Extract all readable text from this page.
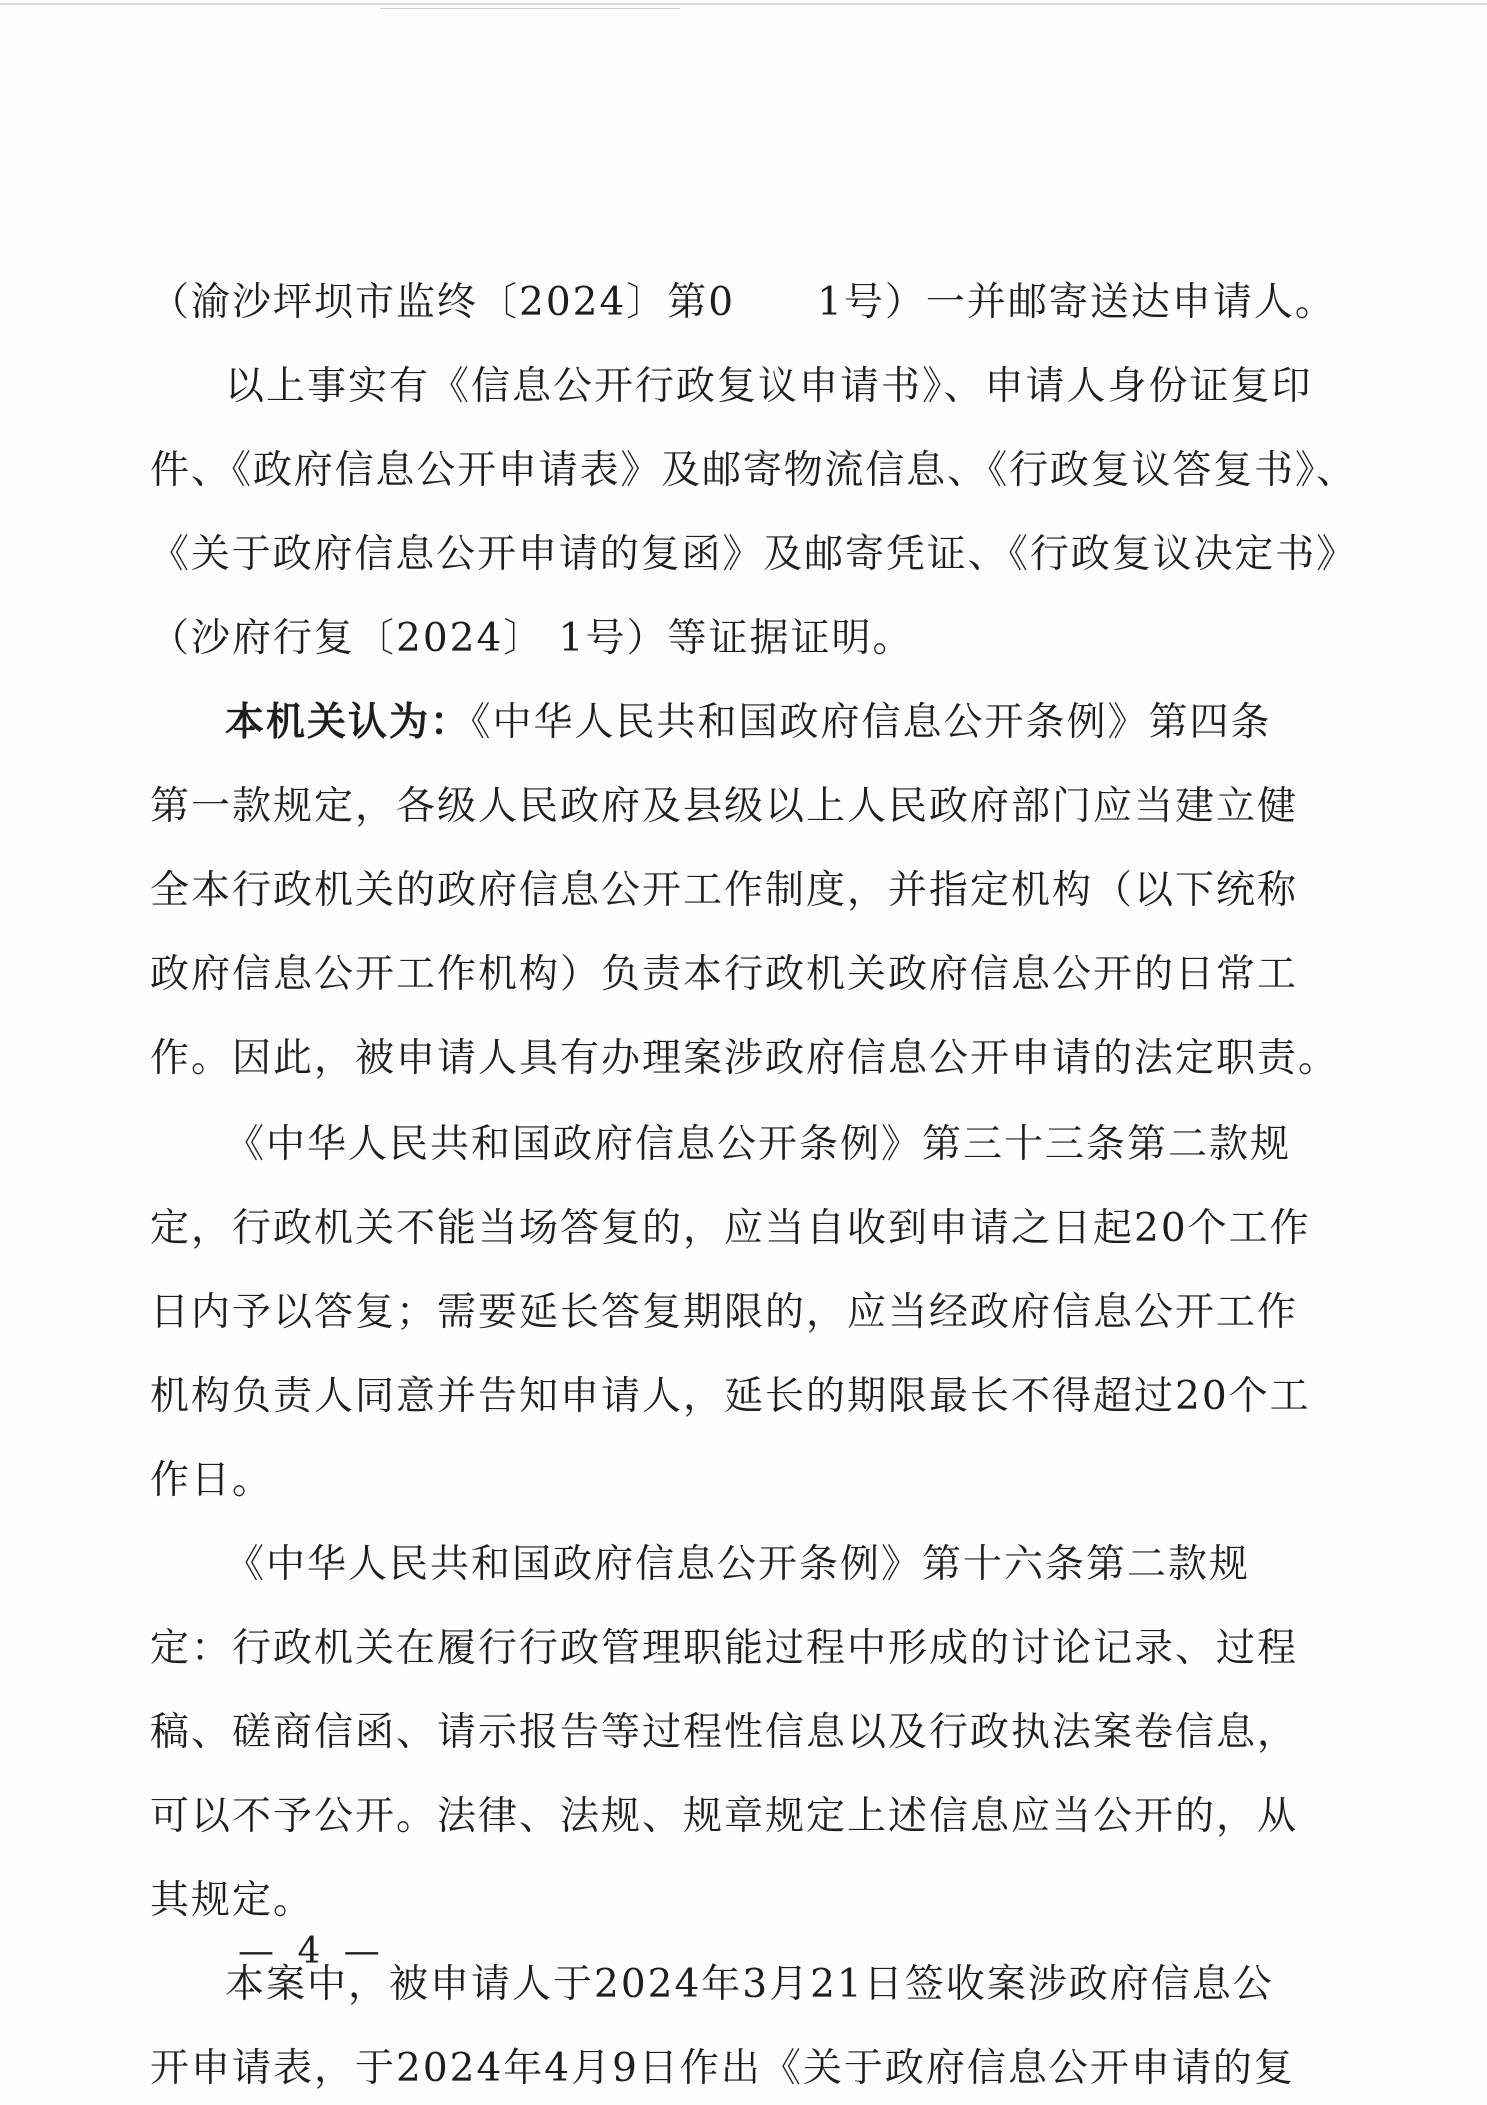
（渝沙坪坝市监终〔2024〕第0　　1号）一并邮寄送达申请人。
以上事实有《信息公开行政复议申请书》、申请人身份证复印
件、《政府信息公开申请表》及邮寄物流信息、《行政复议答复书》、
《关于政府信息公开申请的复函》及邮寄凭证、《行政复议决定书》
（沙府行复〔2024〕 1号）等证据证明。
本机关认为：《中华人民共和国政府信息公开条例》第四条
第一款规定，各级人民政府及县级以上人民政府部门应当建立健
全本行政机关的政府信息公开工作制度，并指定机构（以下统称
政府信息公开工作机构）负责本行政机关政府信息公开的日常工
作。因此，被申请人具有办理案涉政府信息公开申请的法定职责。
《中华人民共和国政府信息公开条例》第三十三条第二款规
定，行政机关不能当场答复的，应当自收到申请之日起20个工作
日内予以答复；需要延长答复期限的，应当经政府信息公开工作
机构负责人同意并告知申请人，延长的期限最长不得超过20个工
作日。
《中华人民共和国政府信息公开条例》第十六条第二款规
定：行政机关在履行行政管理职能过程中形成的讨论记录、过程
稿、磋商信函、请示报告等过程性信息以及行政执法案卷信息，
可以不予公开。法律、法规、规章规定上述信息应当公开的，从
其规定。
本案中，被申请人于2024年3月21日签收案涉政府信息公
开申请表，于2024年4月9日作出《关于政府信息公开申请的复
— 4 —
